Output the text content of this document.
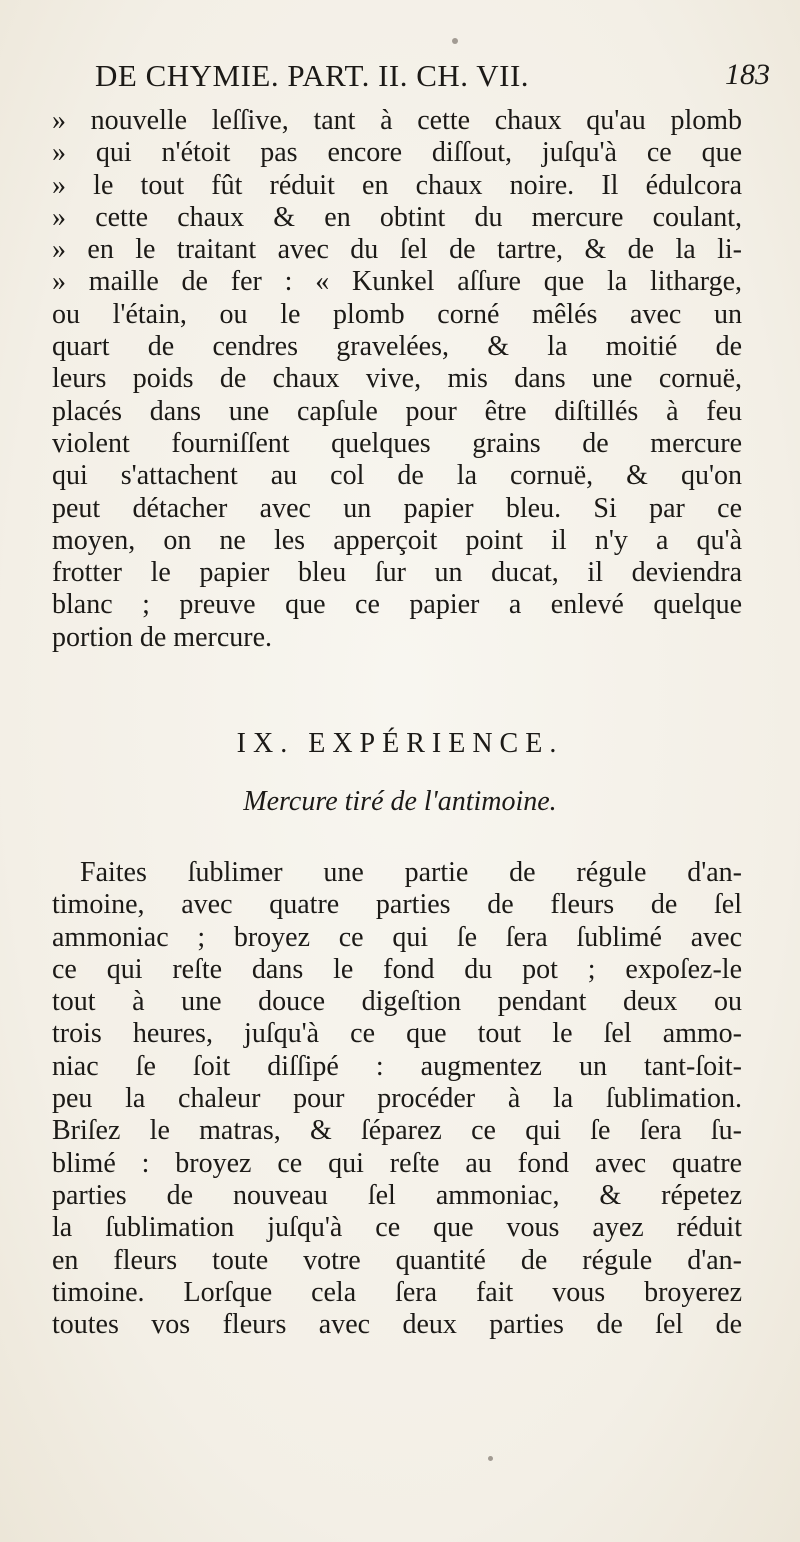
DE CHYMIE. PART. II. CH. VII.	183
» nouvelle leſſive, tant à cette chaux qu'au plomb
» qui n'étoit pas encore diſſout, juſqu'à ce que
» le tout fût réduit en chaux noire. Il édulcora
» cette chaux & en obtint du mercure coulant,
» en le traitant avec du ſel de tartre, & de la li-
» maille de fer : « Kunkel aſſure que la litharge,
ou l'étain, ou le plomb corné mêlés avec un
quart de cendres gravelées, & la moitié de
leurs poids de chaux vive, mis dans une cornuë,
placés dans une capſule pour être diſtillés à feu
violent fourniſſent quelques grains de mercure
qui s'attachent au col de la cornuë, & qu'on
peut détacher avec un papier bleu. Si par ce
moyen, on ne les apperçoit point il n'y a qu'à
frotter le papier bleu ſur un ducat, il deviendra
blanc ; preuve que ce papier a enlevé quelque
portion de mercure.
IX. EXPÉRIENCE.
Mercure tiré de l'antimoine.
Faites ſublimer une partie de régule d'an-
timoine, avec quatre parties de fleurs de ſel
ammoniac ; broyez ce qui ſe ſera ſublimé avec
ce qui reſte dans le fond du pot ; expoſez-le
tout à une douce digeſtion pendant deux ou
trois heures, juſqu'à ce que tout le ſel ammo-
niac ſe ſoit diſſipé : augmentez un tant-ſoit-
peu la chaleur pour procéder à la ſublimation.
Briſez le matras, & ſéparez ce qui ſe ſera ſu-
blimé : broyez ce qui reſte au fond avec quatre
parties de nouveau ſel ammoniac, & répetez
la ſublimation juſqu'à ce que vous ayez réduit
en fleurs toute votre quantité de régule d'an-
timoine. Lorſque cela ſera fait vous broyerez
toutes vos fleurs avec deux parties de ſel de
